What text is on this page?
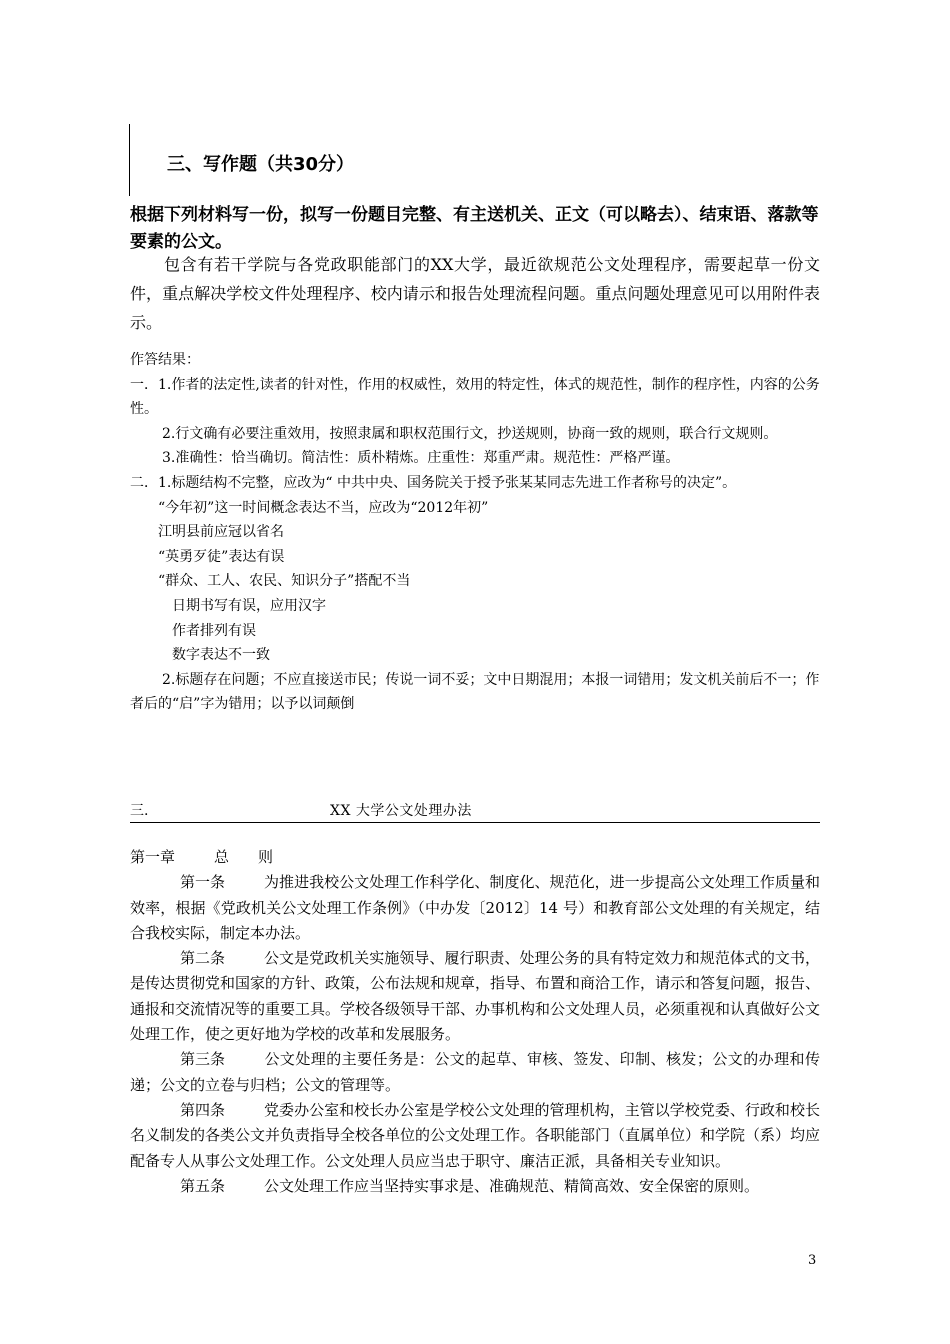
三、写作题（共30分）
根据下列材料写一份，拟写一份题目完整、有主送机关、正文（可以略去）、结束语、落款等要素的公文。
包含有若干学院与各党政职能部门的XX大学，最近欲规范公文处理程序，需要起草一份文件，重点解决学校文件处理程序、校内请示和报告处理流程问题。重点问题处理意见可以用附件表示。

作答结果：

一．1.作者的法定性,读者的针对性，作用的权威性，效用的特定性，体式的规范性，制作的程序性，内容的公务性。

2.行文确有必要注重效用，按照隶属和职权范围行文，抄送规则，协商一致的规则，联合行文规则。

3.准确性：恰当确切。简洁性：质朴精炼。庄重性：郑重严肃。规范性：严格严谨。

二．1.标题结构不完整，应改为“ 中共中央、国务院关于授予张某某同志先进工作者称号的决定”。

“今年初”这一时间概念表达不当，应改为“2012年初”

江明县前应冠以省名

“英勇歹徒”表达有误

“群众、工人、农民、知识分子”搭配不当

日期书写有误，应用汉字

作者排列有误

数字表达不一致

2.标题存在问题；不应直接送市民；传说一词不妥；文中日期混用；本报一词错用；发文机关前后不一；作者后的“启”字为错用；以予以词颠倒

三.	XX 大学公文处理办法

第一章	总 则

第一条	为推进我校公文处理工作科学化、制度化、规范化，进一步提高公文处理工作质量和效率，根据《党政机关公文处理工作条例》（中办发〔2012〕14 号）和教育部公文处理的有关规定，结合我校实际，制定本办法。

第二条	公文是党政机关实施领导、履行职责、处理公务的具有特定效力和规范体式的文书，是传达贯彻党和国家的方针、政策，公布法规和规章，指导、布置和商洽工作，请示和答复问题，报告、通报和交流情况等的重要工具。学校各级领导干部、办事机构和公文处理人员，必须重视和认真做好公文处理工作，使之更好地为学校的改革和发展服务。

第三条	公文处理的主要任务是：公文的起草、审核、签发、印制、核发；公文的办理和传递；公文的立卷与归档；公文的管理等。

第四条	党委办公室和校长办公室是学校公文处理的管理机构，主管以学校党委、行政和校长名义制发的各类公文并负责指导全校各单位的公文处理工作。各职能部门（直属单位）和学院（系）均应配备专人从事公文处理工作。公文处理人员应当忠于职守、廉洁正派，具备相关专业知识。

第五条	公文处理工作应当坚持实事求是、准确规范、精简高效、安全保密的原则。

3
